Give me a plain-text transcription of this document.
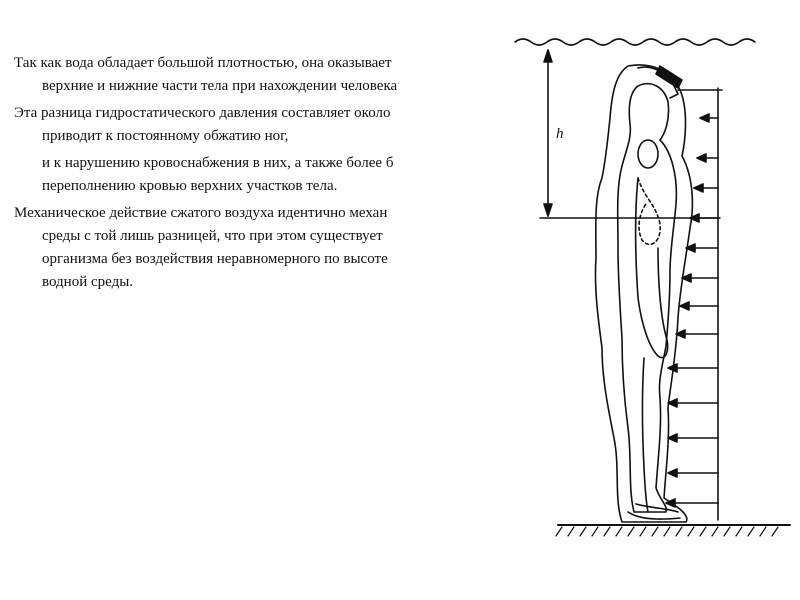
Так как вода обладает большой плотностью, она оказывает
верхние и нижние части тела при нахождении человека

Эта разница гидростатического давления составляет около
приводит к постоянному обжатию ног,

и к нарушению кровоснабжения в них, а также более б
переполнению кровью верхних участков тела.

Механическое действие сжатого воздуха идентично механ
среды с той лишь разницей, что при этом существует
организма без воздействия неравномерного по высоте
водной среды.

h
